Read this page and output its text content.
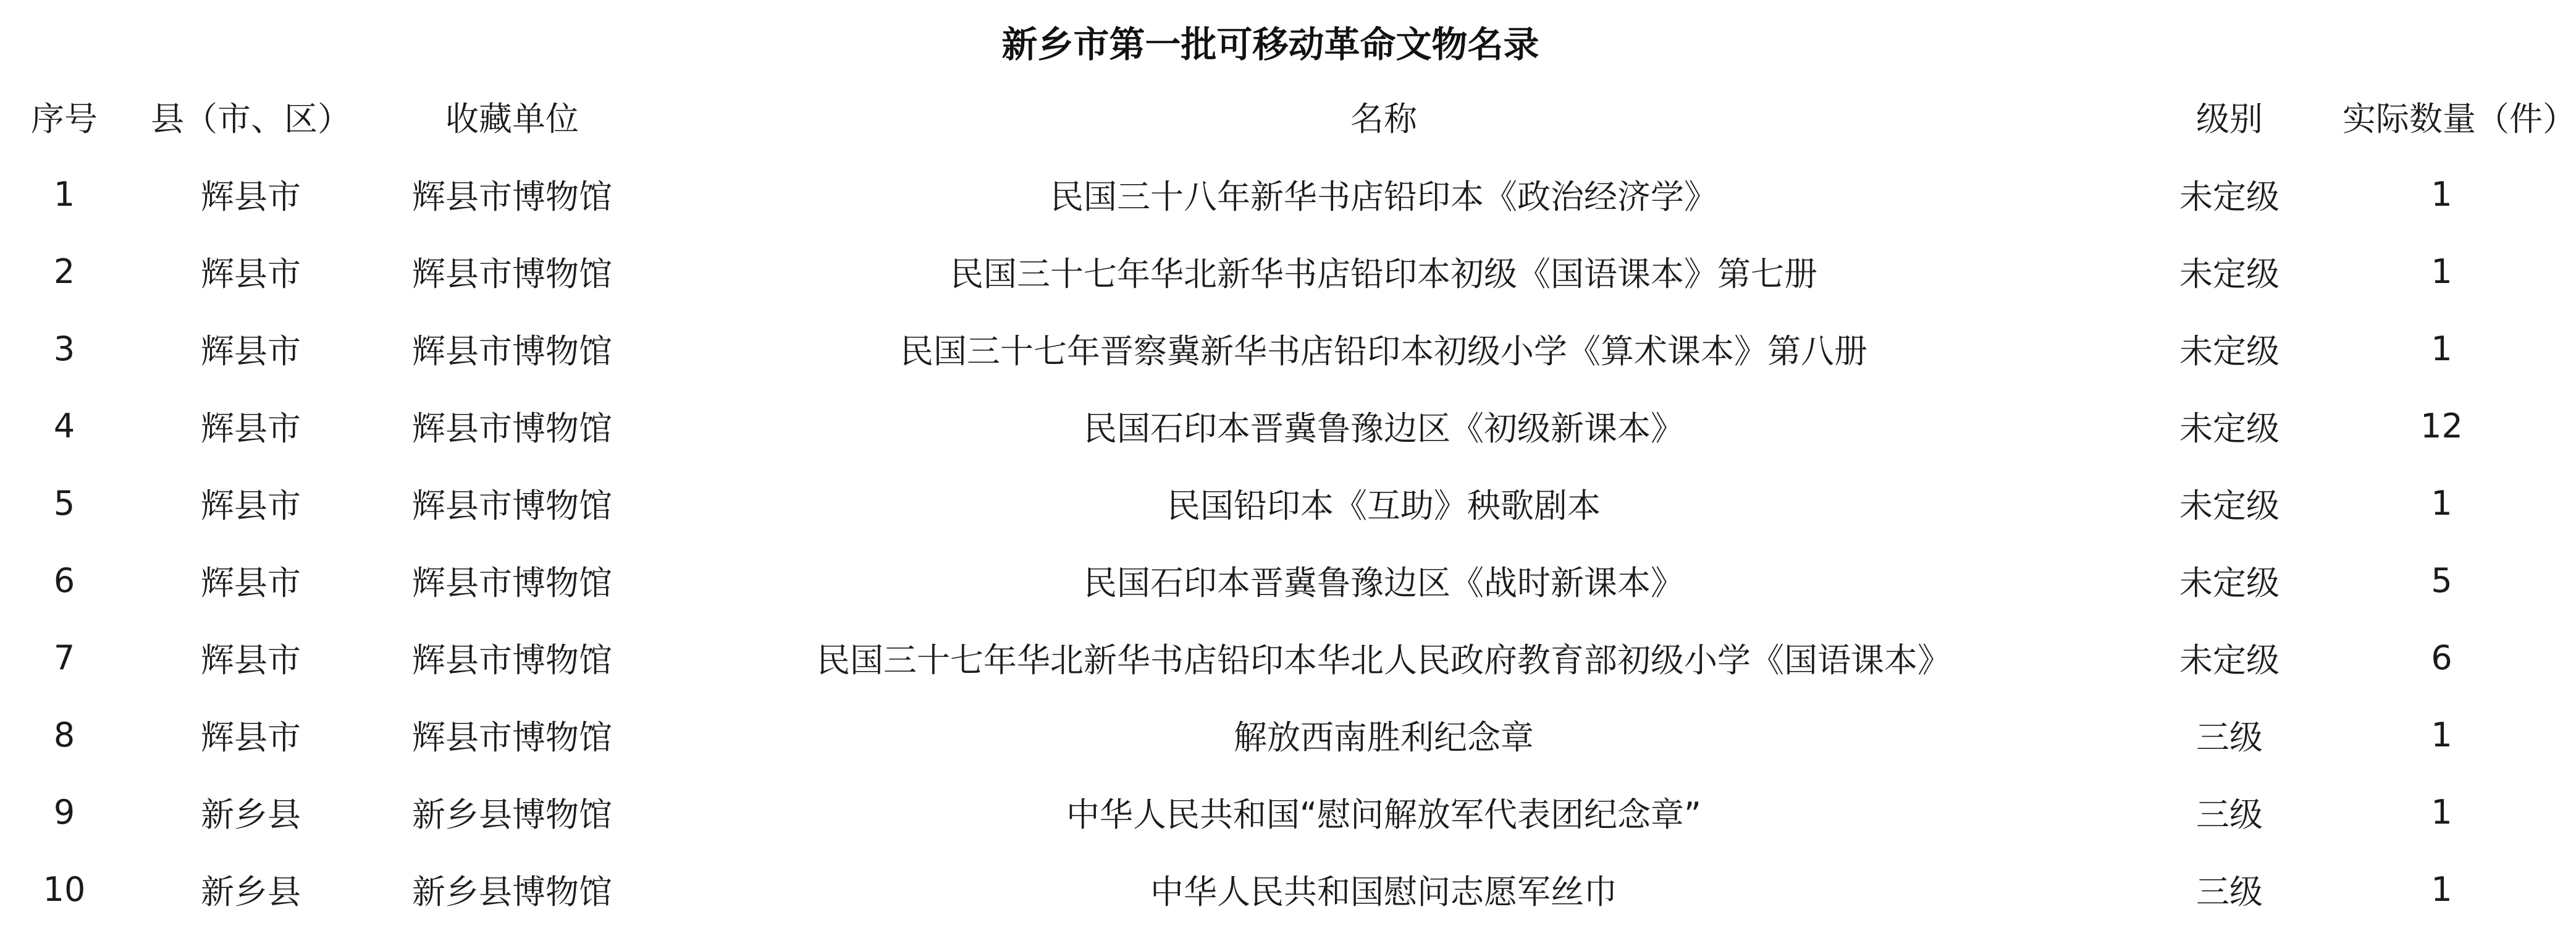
新乡市第一批可移动革命文物名录
序号	县（市、区）	收藏单位	名称	级别	实际数量（件）
1	辉县市	辉县市博物馆	民国三十八年新华书店铅印本《政治经济学》	未定级	1
2	辉县市	辉县市博物馆	民国三十七年华北新华书店铅印本初级《国语课本》第七册	未定级	1
3	辉县市	辉县市博物馆	民国三十七年晋察冀新华书店铅印本初级小学《算术课本》第八册	未定级	1
4	辉县市	辉县市博物馆	民国石印本晋冀鲁豫边区《初级新课本》	未定级	12
5	辉县市	辉县市博物馆	民国铅印本《互助》秧歌剧本	未定级	1
6	辉县市	辉县市博物馆	民国石印本晋冀鲁豫边区《战时新课本》	未定级	5
7	辉县市	辉县市博物馆	民国三十七年华北新华书店铅印本华北人民政府教育部初级小学《国语课本》	未定级	6
8	辉县市	辉县市博物馆	解放西南胜利纪念章	三级	1
9	新乡县	新乡县博物馆	中华人民共和国“慰问解放军代表团纪念章”	三级	1
10	新乡县	新乡县博物馆	中华人民共和国慰问志愿军丝巾	三级	1
